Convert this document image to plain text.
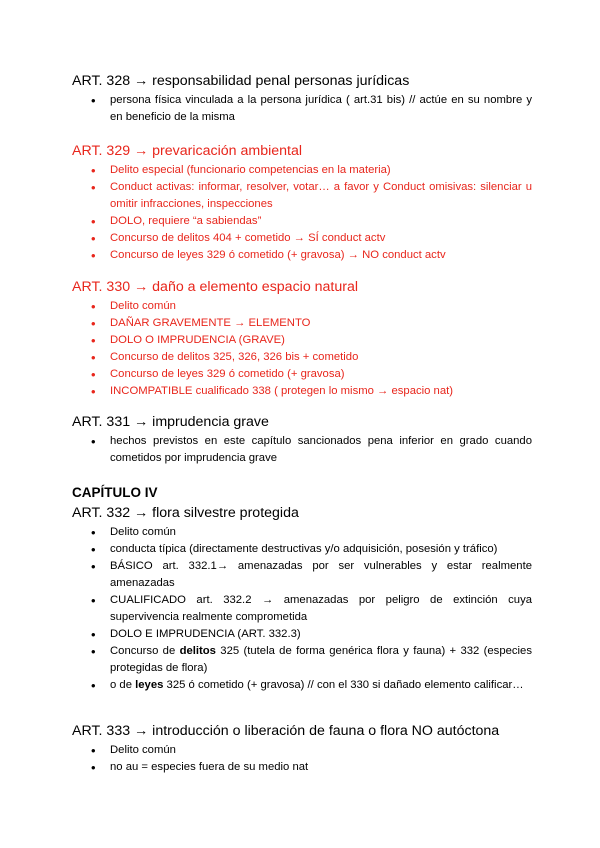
ART. 328 → responsabilidad penal personas jurídicas

• persona física vinculada a la persona jurídica ( art.31 bis) // actúe en su nombre y en beneficio de la misma

ART. 329 → prevaricación ambiental

• Delito especial (funcionario competencias en la materia)
• Conduct activas: informar, resolver, votar… a favor y Conduct omisivas: silenciar u omitir infracciones, inspecciones
• DOLO, requiere “a sabiendas”
• Concurso de delitos 404 + cometido → SÍ conduct actv
• Concurso de leyes 329 ó cometido (+ gravosa) → NO conduct actv

ART. 330 → daño a elemento espacio natural

• Delito común
• DAÑAR GRAVEMENTE → ELEMENTO
• DOLO O IMPRUDENCIA (GRAVE)
• Concurso de delitos 325, 326, 326 bis + cometido
• Concurso de leyes 329 ó cometido (+ gravosa)
• INCOMPATIBLE cualificado 338 ( protegen lo mismo → espacio nat)

ART. 331 → imprudencia grave

• hechos previstos en este capítulo sancionados pena inferior en grado cuando cometidos por imprudencia grave

CAPÍTULO IV

ART. 332 → flora silvestre protegida

• Delito común
• conducta típica (directamente destructivas y/o adquisición, posesión y tráfico)
• BÁSICO art. 332.1→ amenazadas por ser vulnerables y estar realmente amenazadas
• CUALIFICADO art. 332.2 → amenazadas por peligro de extinción cuya supervivencia realmente comprometida
• DOLO E IMPRUDENCIA (ART. 332.3)
• Concurso de delitos 325 (tutela de forma genérica flora y fauna) + 332 (especies protegidas de flora)
• o de leyes 325 ó cometido (+ gravosa) // con el 330 si dañado elemento calificar…

ART. 333 → introducción o liberación de fauna o flora NO autóctona

• Delito común
• no au = especies fuera de su medio nat
